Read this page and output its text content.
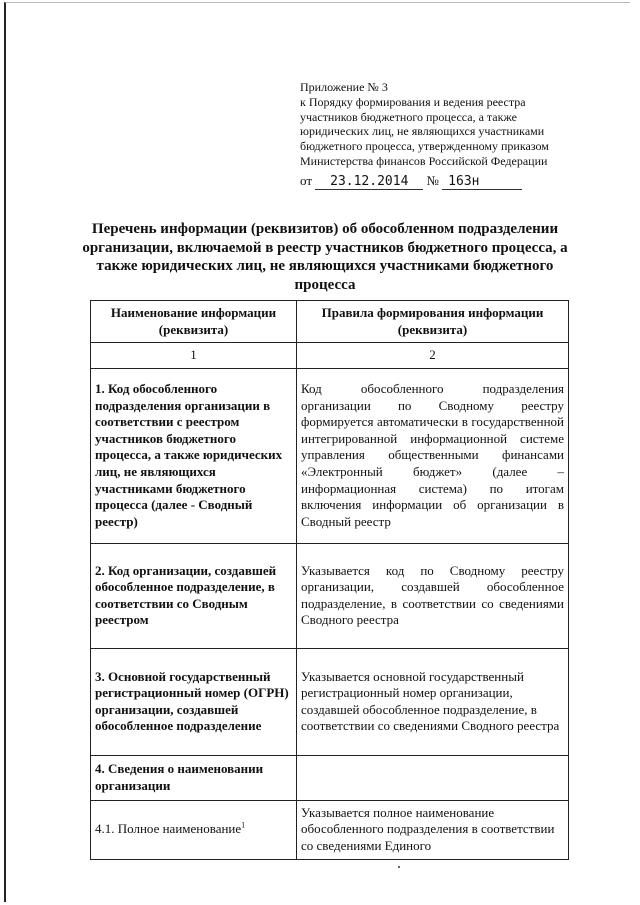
Приложение № 3
к Порядку формирования и ведения реестра
участников бюджетного процесса, а также
юридических лиц, не являющихся участниками
бюджетного процесса, утвержденному приказом
Министерства финансов Российской Федерации
от 23.12.2014 № 163н
Перечень информации (реквизитов) об обособленном подразделении организации, включаемой в реестр участников бюджетного процесса, а также юридических лиц, не являющихся участниками бюджетного процесса
Наименование информации (реквизита)	Правила формирования информации (реквизита)
1	2
1. Код обособленного подразделения организации в соответствии с реестром участников бюджетного процесса, а также юридических лиц, не являющихся участниками бюджетного процесса (далее - Сводный реестр)	Код обособленного подразделения организации по Сводному реестру формируется автоматически в государственной интегрированной информационной системе управления общественными финансами «Электронный бюджет» (далее – информационная система) по итогам включения информации об организации в Сводный реестр
2. Код организации, создавшей обособленное подразделение, в соответствии со Сводным реестром	Указывается код по Сводному реестру организации, создавшей обособленное подразделение, в соответствии со сведениями Сводного реестра
3. Основной государственный регистрационный номер (ОГРН) организации, создавшей обособленное подразделение	Указывается основной государственный регистрационный номер организации, создавшей обособленное подразделение, в соответствии со сведениями Сводного реестра
4. Сведения о наименовании организации	
4.1. Полное наименование$^1$	Указывается полное наименование обособленного подразделения в соответствии со сведениями Единого
